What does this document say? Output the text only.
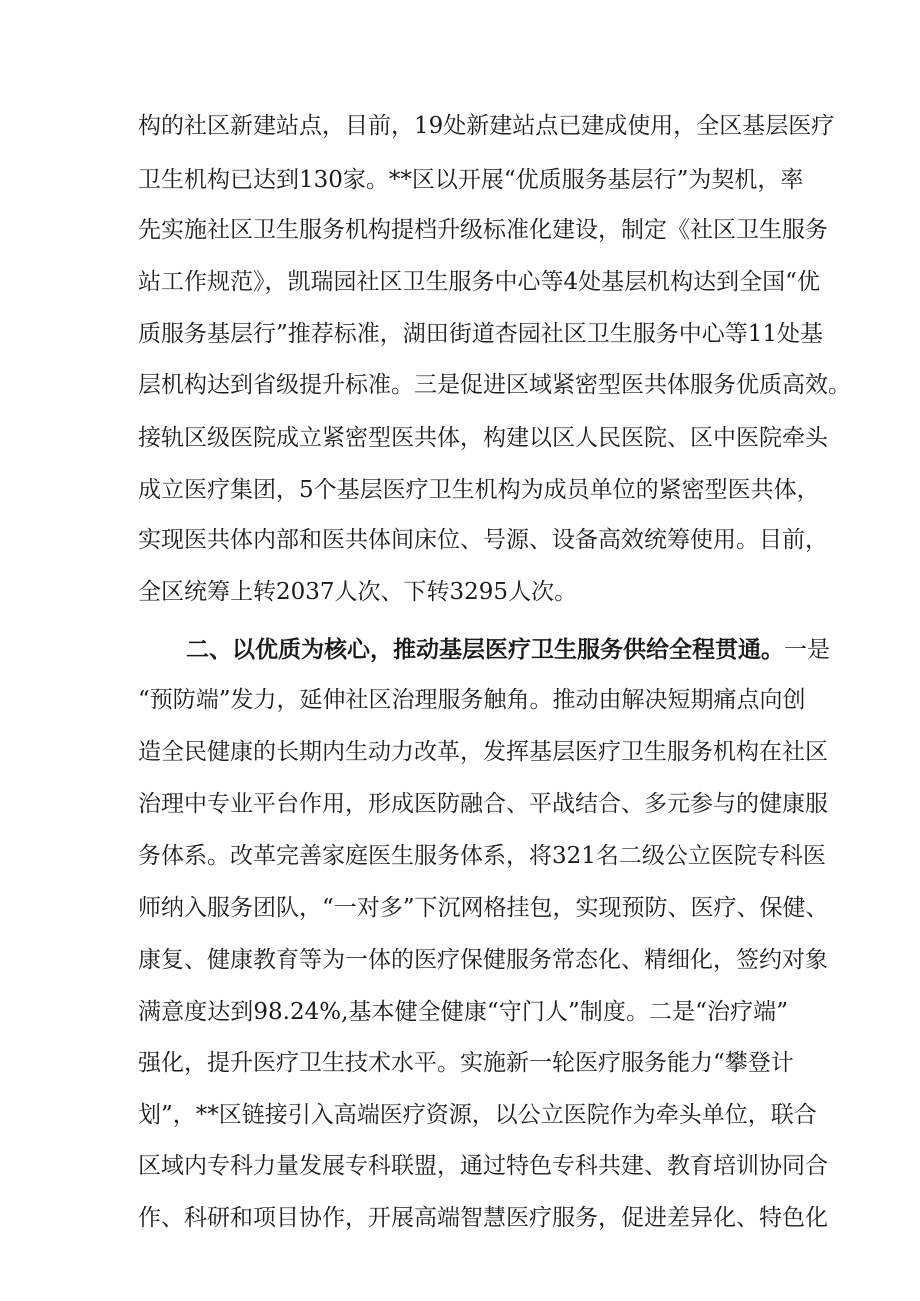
构的社区新建站点，目前，19处新建站点已建成使用，全区基层医疗
卫生机构已达到130家。**区以开展“优质服务基层行”为契机，率
先实施社区卫生服务机构提档升级标准化建设，制定《社区卫生服务
站工作规范》，凯瑞园社区卫生服务中心等4处基层机构达到全国“优
质服务基层行”推荐标准，湖田街道杏园社区卫生服务中心等11处基
层机构达到省级提升标准。三是促进区域紧密型医共体服务优质高效。
接轨区级医院成立紧密型医共体，构建以区人民医院、区中医院牵头
成立医疗集团，5个基层医疗卫生机构为成员单位的紧密型医共体，
实现医共体内部和医共体间床位、号源、设备高效统筹使用。目前，
全区统筹上转2037人次、下转3295人次。
二、以优质为核心，推动基层医疗卫生服务供给全程贯通。一是
“预防端”发力，延伸社区治理服务触角。推动由解决短期痛点向创
造全民健康的长期内生动力改革，发挥基层医疗卫生服务机构在社区
治理中专业平台作用，形成医防融合、平战结合、多元参与的健康服
务体系。改革完善家庭医生服务体系，将321名二级公立医院专科医
师纳入服务团队，“一对多”下沉网格挂包，实现预防、医疗、保健、
康复、健康教育等为一体的医疗保健服务常态化、精细化，签约对象
满意度达到98.24%,基本健全健康“守门人”制度。二是“治疗端”
强化，提升医疗卫生技术水平。实施新一轮医疗服务能力“攀登计
划”，**区链接引入高端医疗资源，以公立医院作为牵头单位，联合
区域内专科力量发展专科联盟，通过特色专科共建、教育培训协同合
作、科研和项目协作，开展高端智慧医疗服务，促进差异化、特色化
